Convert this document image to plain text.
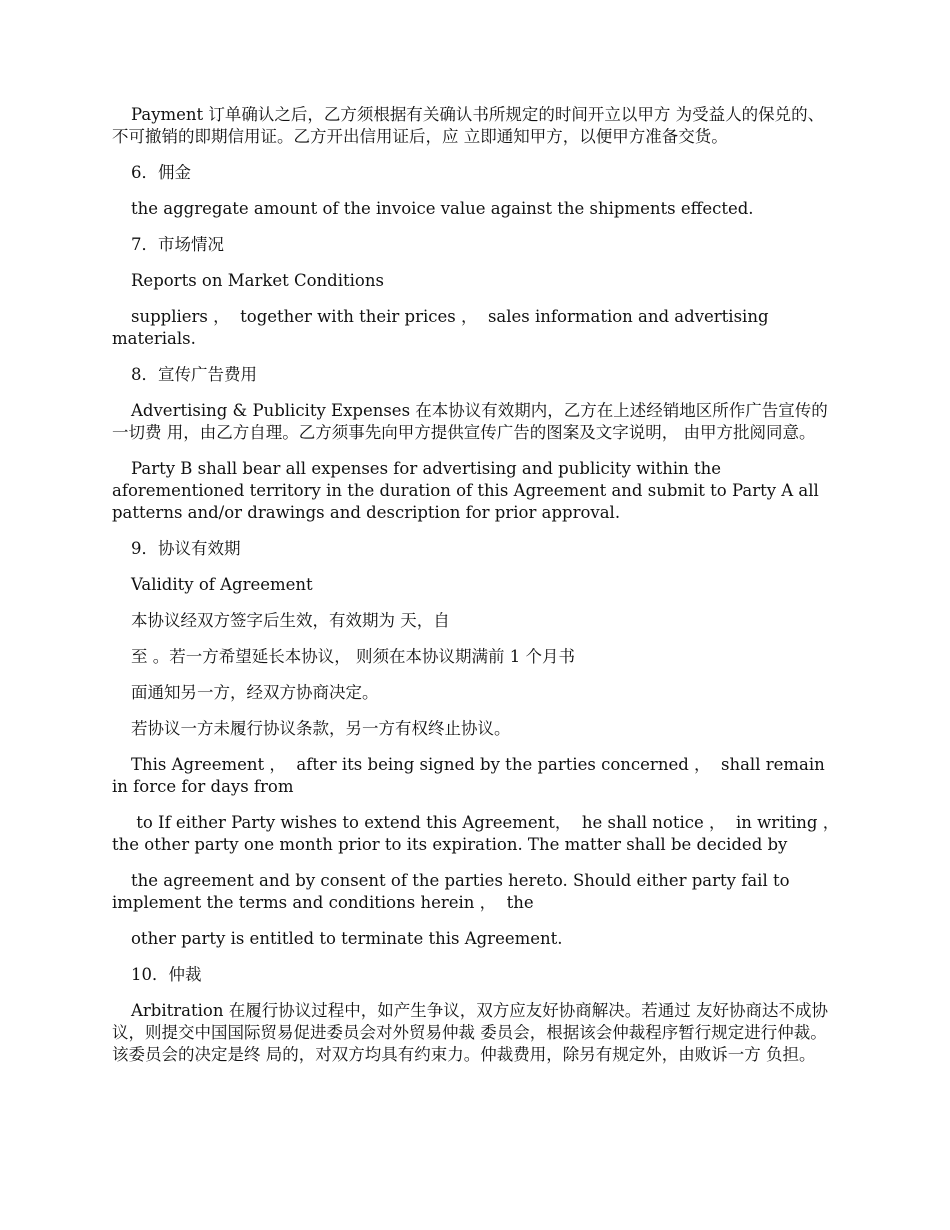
Payment 订单确认之后，乙方须根据有关确认书所规定的时间开立以甲方 为受益人的保兑的、不可撤销的即期信用证。乙方开出信用证后，应 立即通知甲方，以便甲方准备交货。

6．佣金

the aggregate amount of the invoice value against the shipments effected.

7．市场情况

Reports on Market Conditions

suppliers ，  together with their prices ，  sales information and advertising materials.

8．宣传广告费用

Advertising & Publicity Expenses 在本协议有效期内，乙方在上述经销地区所作广告宣传的一切费 用，由乙方自理。乙方须事先向甲方提供宣传广告的图案及文字说明， 由甲方批阅同意。

Party B shall bear all expenses for advertising and publicity within the aforementioned territory in the duration of this Agreement and submit to Party A all patterns and/or drawings and description for prior approval.

9．协议有效期

Validity of Agreement

本协议经双方签字后生效，有效期为 天，自

至 。若一方希望延长本协议， 则须在本协议期满前 1 个月书

面通知另一方，经双方协商决定。

若协议一方未履行协议条款，另一方有权终止协议。

This Agreement ，  after its being signed by the parties concerned ，  shall remain in force for days from

to If either Party wishes to extend this Agreement，  he shall notice ，  in writing ，  the other party one month prior to its expiration. The matter shall be decided by

the agreement and by consent of the parties hereto. Should either party fail to implement the terms and conditions herein ，  the

other party is entitled to terminate this Agreement.

10．仲裁

Arbitration 在履行协议过程中，如产生争议，双方应友好协商解决。若通过 友好协商达不成协议，则提交中国国际贸易促进委员会对外贸易仲裁 委员会，根据该会仲裁程序暂行规定进行仲裁。该委员会的决定是终 局的，对双方均具有约束力。仲裁费用，除另有规定外，由败诉一方 负担。
